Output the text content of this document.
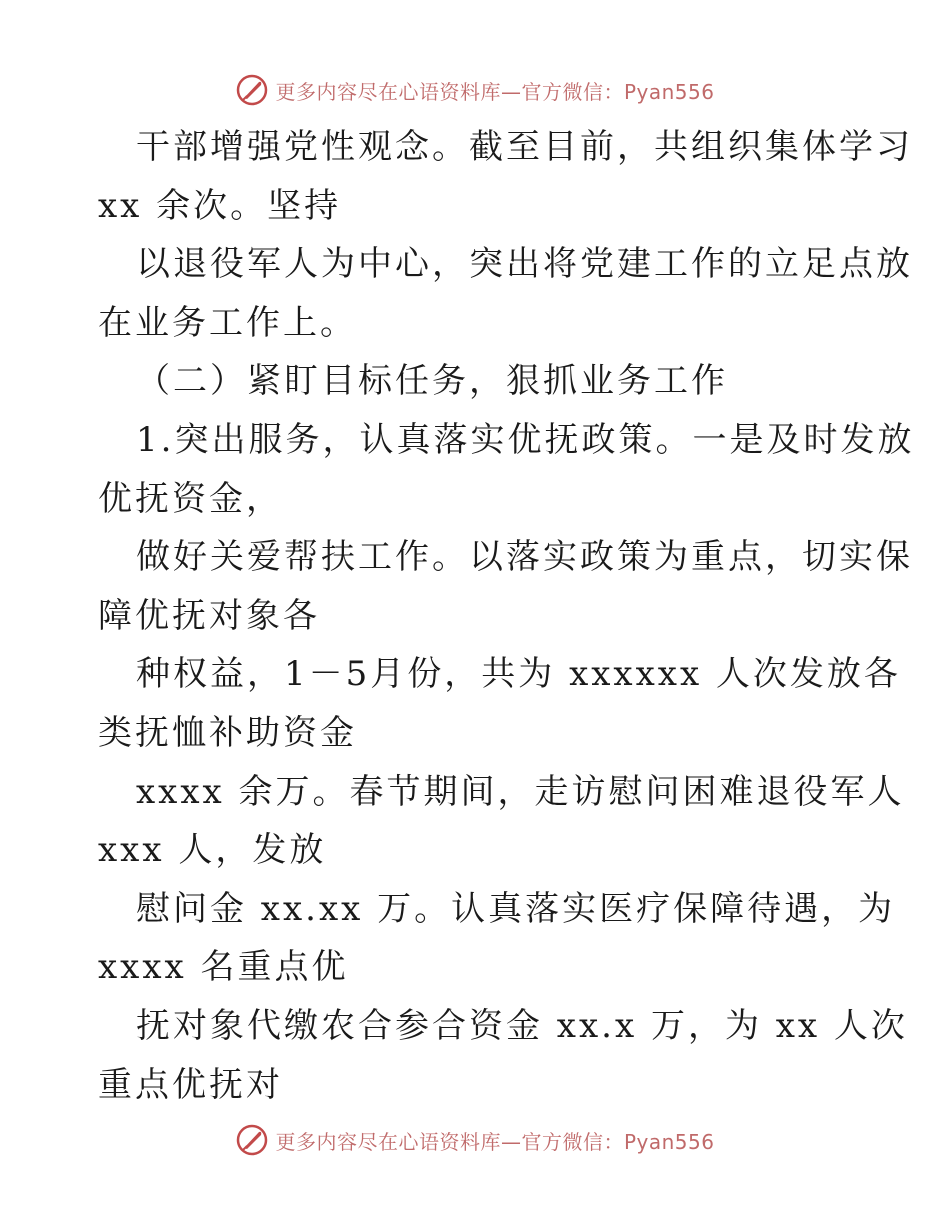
更多内容尽在心语资料库—官方微信：Pyan556
干部增强党性观念。截至目前，共组织集体学习
xx 余次。坚持
以退役军人为中心，突出将党建工作的立足点放
在业务工作上。
（二）紧盯目标任务，狠抓业务工作
1.突出服务，认真落实优抚政策。一是及时发放
优抚资金，
做好关爱帮扶工作。以落实政策为重点，切实保
障优抚对象各
种权益，1－5月份，共为 xxxxxx 人次发放各
类抚恤补助资金
xxxx 余万。春节期间，走访慰问困难退役军人
xxx 人，发放
慰问金 xx.xx 万。认真落实医疗保障待遇，为
xxxx 名重点优
抚对象代缴农合参合资金 xx.x 万，为 xx 人次
重点优抚对
更多内容尽在心语资料库—官方微信：Pyan556
